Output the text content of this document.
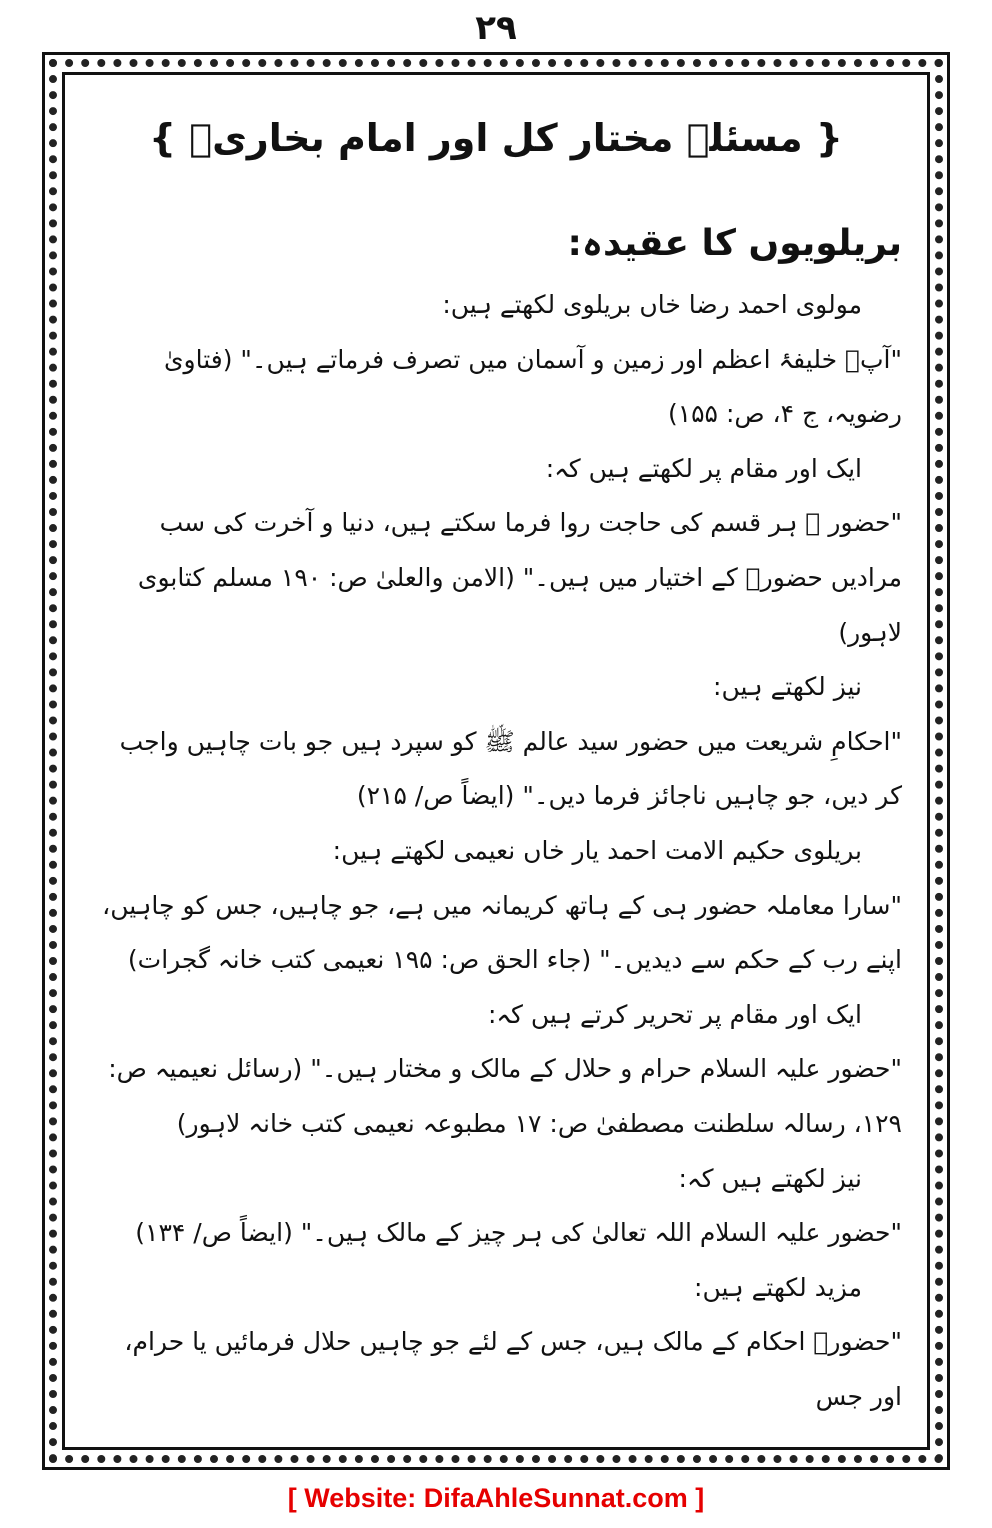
۲۹
{ مسئلہ مختار کل اور امام بخاریؒ }
بریلویوں کا عقیدہ:
مولوی احمد رضا خاں بریلوی لکھتے ہیں:
"آپؐ خلیفۂ اعظم اور زمین و آسمان میں تصرف فرماتے ہیں۔" (فتاویٰ رضویہ، ج ۴، ص: ۱۵۵)
ایک اور مقام پر لکھتے ہیں کہ:
"حضور ﷺ ہر قسم کی حاجت روا فرما سکتے ہیں، دنیا و آخرت کی سب مرادیں حضورؐ کے اختیار میں ہیں۔" (الامن والعلیٰ ص: ۱۹۰ مسلم کتابوی لاہور)
نیز لکھتے ہیں:
"احکامِ شریعت میں حضور سید عالم ﷺ کو سپرد ہیں جو بات چاہیں واجب کر دیں، جو چاہیں ناجائز فرما دیں۔" (ایضاً ص/ ۲۱۵)
بریلوی حکیم الامت احمد یار خاں نعیمی لکھتے ہیں:
"سارا معاملہ حضور ہی کے ہاتھ کریمانہ میں ہے، جو چاہیں، جس کو چاہیں، اپنے رب کے حکم سے دیدیں۔" (جاء الحق ص: ۱۹۵ نعیمی کتب خانہ گجرات)
ایک اور مقام پر تحریر کرتے ہیں کہ:
"حضور علیہ السلام حرام و حلال کے مالک و مختار ہیں۔" (رسائل نعیمیہ ص: ۱۲۹، رسالہ سلطنت مصطفیٰ ص: ۱۷ مطبوعہ نعیمی کتب خانہ لاہور)
نیز لکھتے ہیں کہ:
"حضور علیہ السلام اللہ تعالیٰ کی ہر چیز کے مالک ہیں۔" (ایضاً ص/ ۱۳۴)
مزید لکھتے ہیں:
"حضورؐ احکام کے مالک ہیں، جس کے لئے جو چاہیں حلال فرمائیں یا حرام، اور جس
[ Website: DifaAhleSunnat.com ]
